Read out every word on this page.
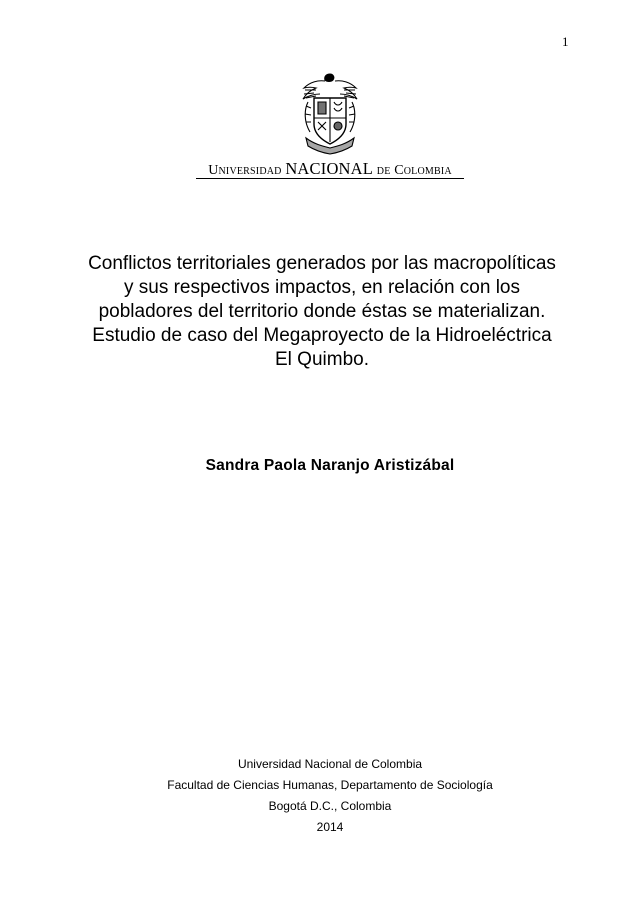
1
Universidad NACIONAL de Colombia
Conflictos territoriales generados por las macropolíticas
y sus respectivos impactos, en relación con los
pobladores del territorio donde éstas se materializan.
Estudio de caso del Megaproyecto de la Hidroeléctrica
El Quimbo.
Sandra Paola Naranjo Aristizábal
Universidad Nacional de Colombia
Facultad de Ciencias Humanas, Departamento de Sociología
Bogotá D.C., Colombia
2014
